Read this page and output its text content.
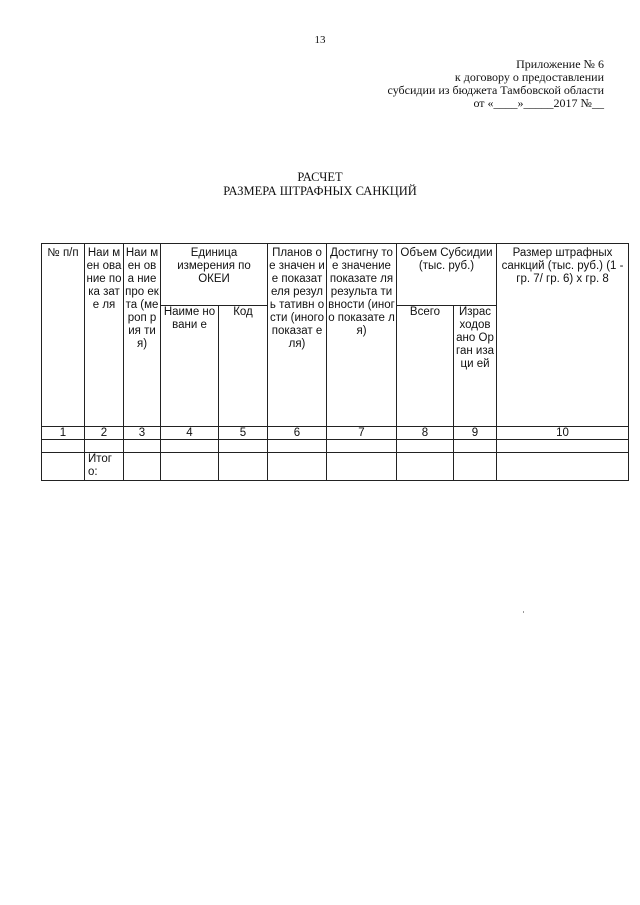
13
Приложение № 6
к договору о предоставлении
субсидии из бюджета Тамбовской области
от «____»_____2017 №__
РАСЧЕТ
РАЗМЕРА ШТРАФНЫХ САНКЦИЙ
№ п/п	Наи мен ова ние пока зате ля	Наи мен ова ние про екта (ме роп рия тия)	Единица измерения по ОКЕИ		Планов ое значен ие показат еля резуль тативн ости (иного показат еля)	Достигну тое значение показате ля результа тивности (иного показате ля)	Объем Субсидии (тыс. руб.)		Размер штрафных санкций (тыс. руб.) (1 - гр. 7/ гр. 6) х гр. 8
			Наиме новани е	Код			Всего	Израс ходов ано Орган изаци ей	
1	2	3	4	5	6	7	8	9	10

	Итог о:								
